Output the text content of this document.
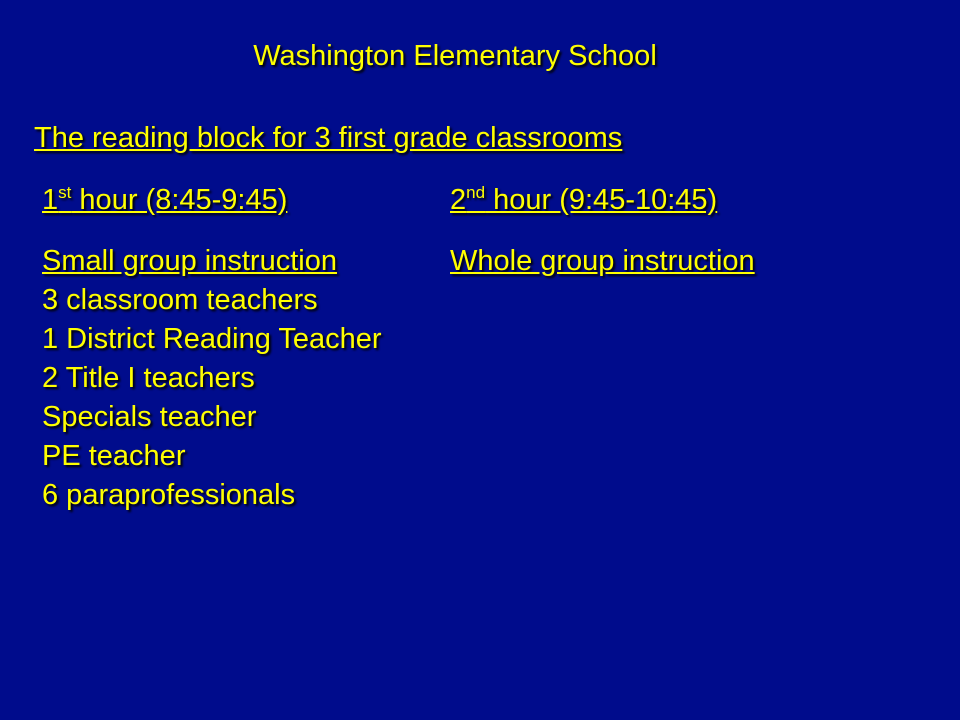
Washington Elementary School
The reading block for 3 first grade classrooms
1st hour (8:45-9:45)	2nd hour (9:45-10:45)
Small group instruction
3 classroom teachers
1 District Reading Teacher
2 Title I teachers
Specials teacher
PE teacher
6 paraprofessionals
Whole group instruction
